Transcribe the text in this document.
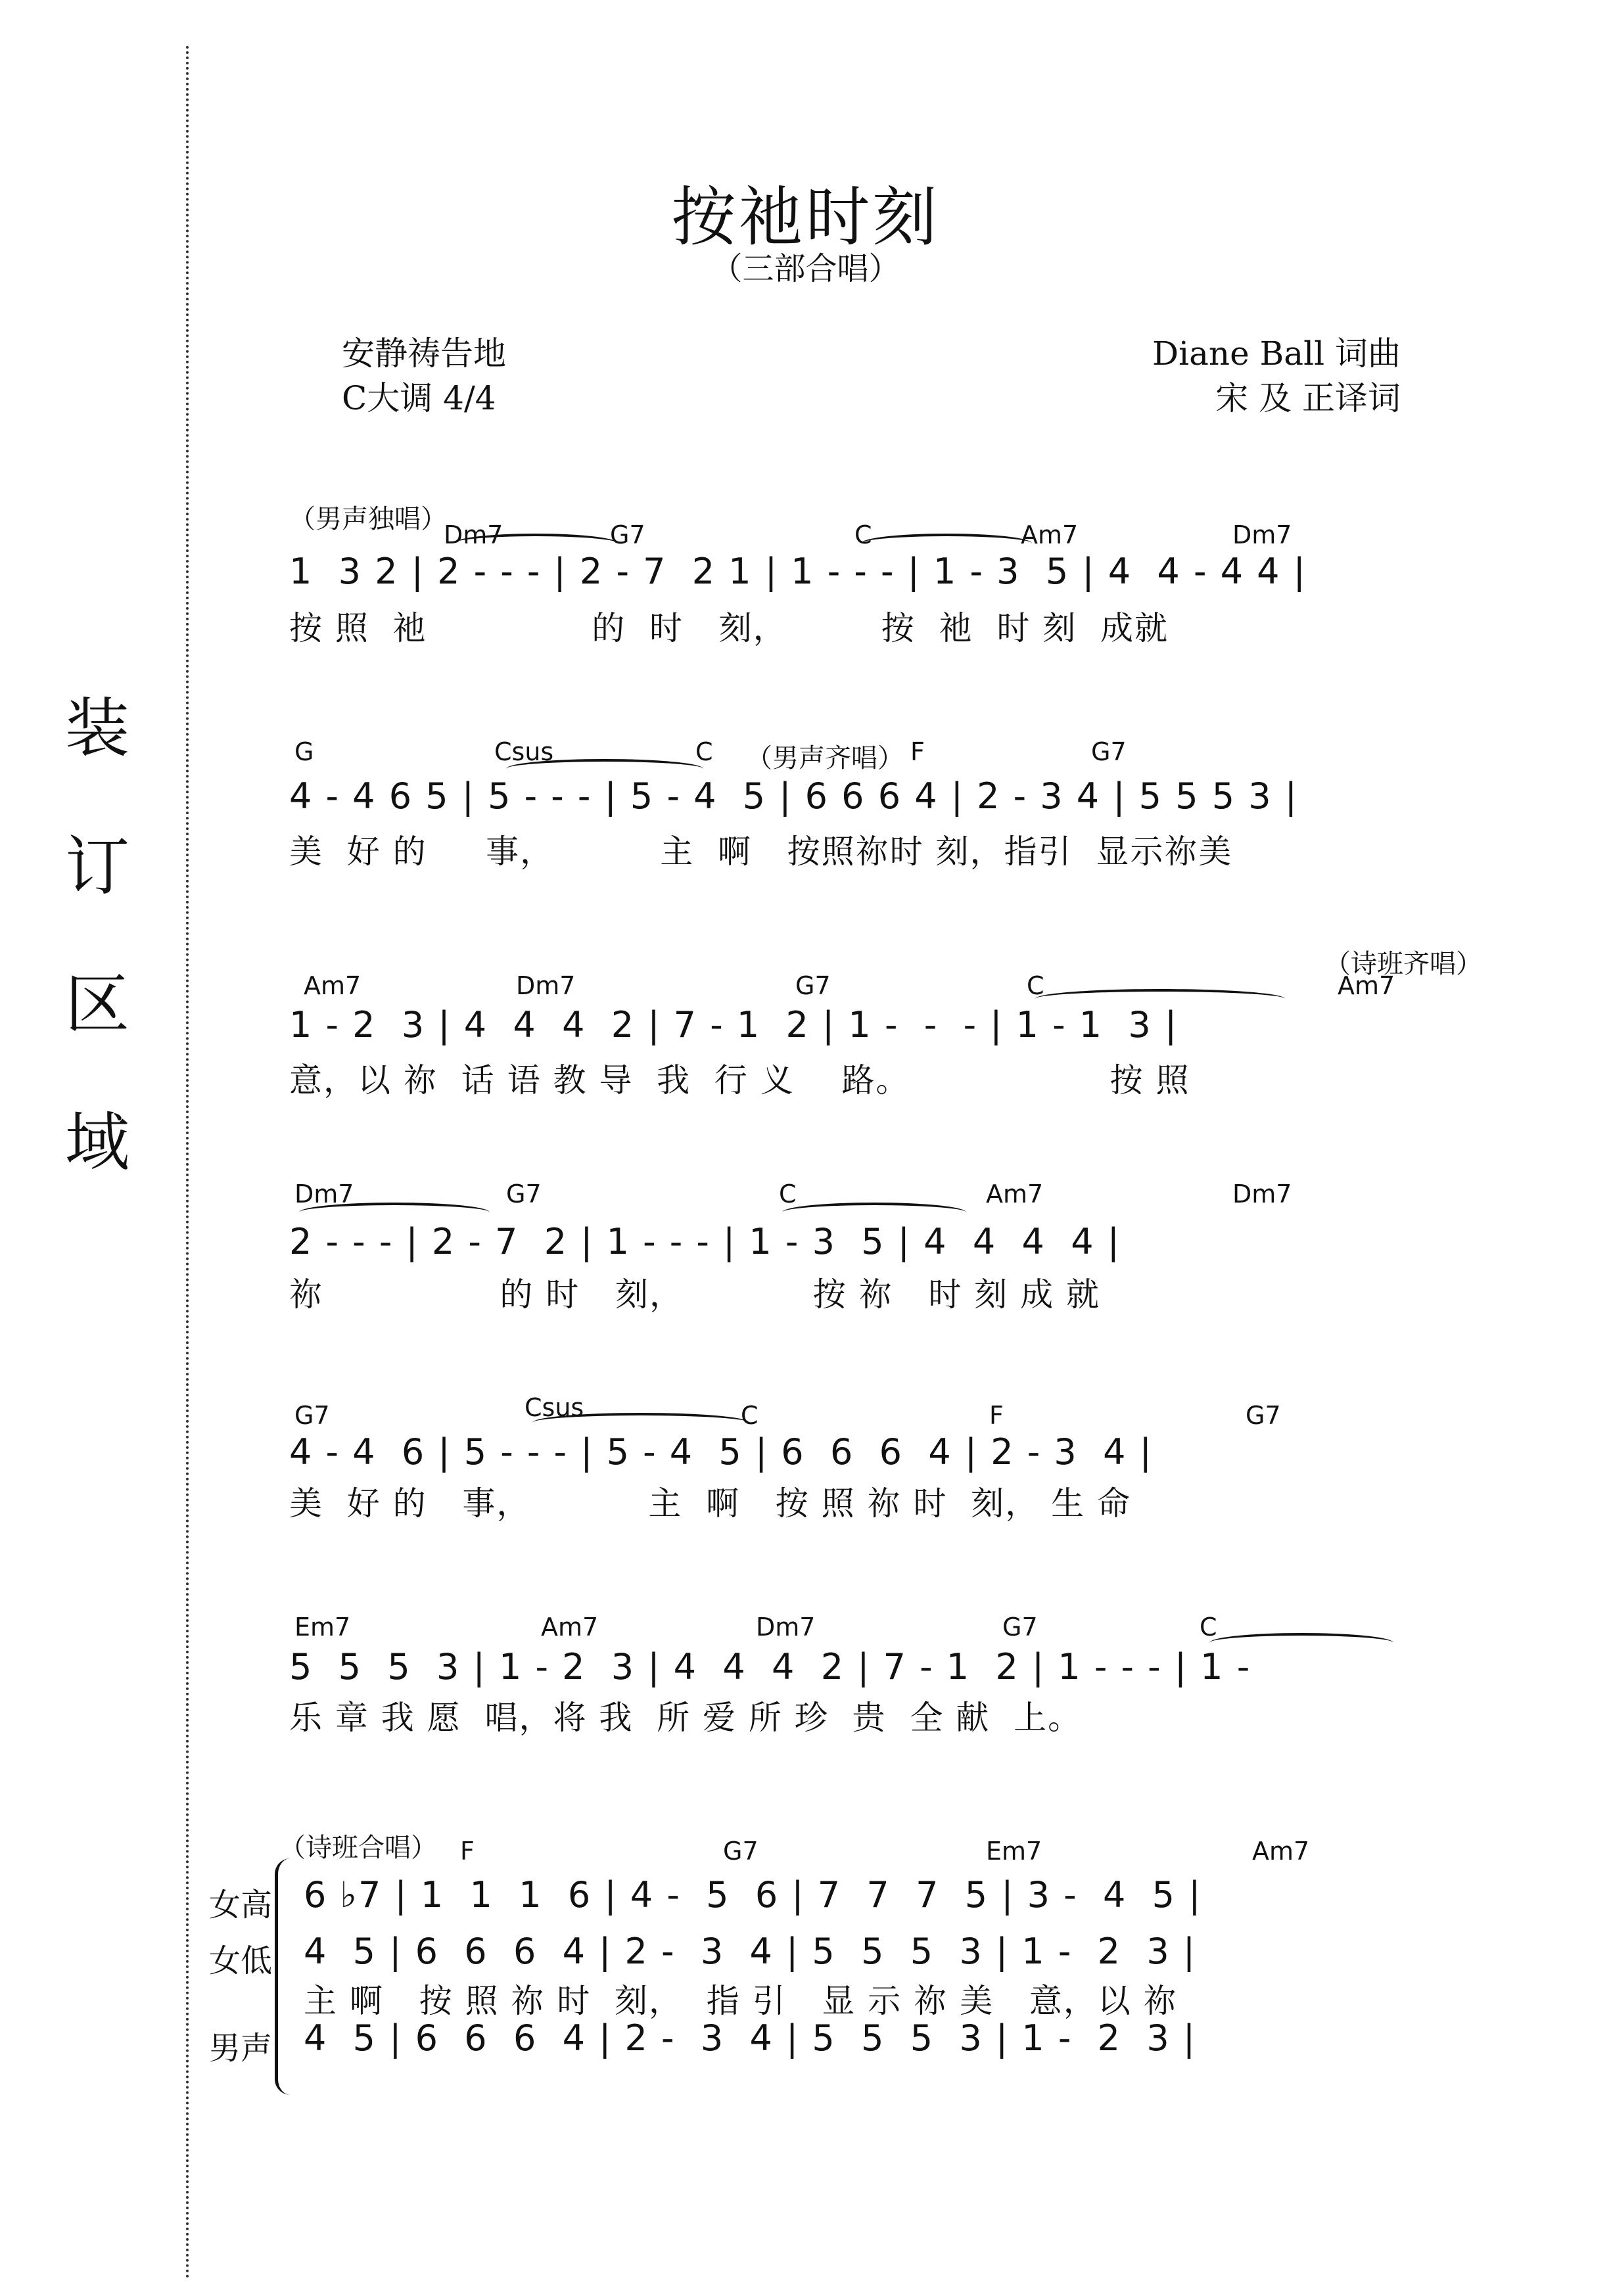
装
订
区
域
按祂时刻
（三部合唱）
安静祷告地
C大调 4/4
Diane Ball 词曲
宋 及 正译词
（男声独唱）
Dm7	G7	C	Am7	Dm7
1  3 2 | 2 - - - | 2 - 7  2 1 | 1 - - - | 1 - 3  5 | 4  4 - 4 4 |
按 照  祂              的  时   刻，        按  祂  时 刻  成就
G	Csus	C （男声齐唱） F	G7
4 - 4 6 5 | 5 - - - | 5 - 4  5 | 6 6 6 4 | 2 - 3 4 | 5 5 5 3 |
美  好 的     事，         主  啊   按照祢时 刻，指引  显示祢美
（诗班齐唱）
Am7	Dm7	G7	C	Am7
1 - 2  3 | 4  4  4  2 | 7 - 1  2 | 1 -  -  - | 1 - 1  3 |
意，以 祢  话 语 教 导  我  行 义    路。                 按 照
Dm7	G7	C	Am7	Dm7
2 - - - | 2 - 7  2 | 1 - - - | 1 - 3  5 | 4  4  4  4 |
祢               的 时   刻，           按 祢   时 刻 成 就
G7	Csus	C	F	G7
4 - 4  6 | 5 - - - | 5 - 4  5 | 6  6  6  4 | 2 - 3  4 |
美  好 的   事，          主  啊   按 照 祢 时  刻， 生 命
Em7	Am7	Dm7	G7	C
5  5  5  3 | 1 - 2  3 | 4  4  4  2 | 7 - 1  2 | 1 - - - | 1 -
乐 章 我 愿  唱，将 我  所 爱 所 珍  贵  全 献  上。
（诗班合唱） F	G7	Em7	Am7
女高 6 ♭7 | 1  1  1  6 | 4 -  5  6 | 7  7  7  5 | 3 -  4  5 |
女低 4  5 | 6  6  6  4 | 2 -  3  4 | 5  5  5  3 | 1 -  2  3 |
主 啊   按 照 祢 时  刻，  指 引   显 示 祢 美   意，以 祢
男声 4  5 | 6  6  6  4 | 2 -  3  4 | 5  5  5  3 | 1 -  2  3 |
